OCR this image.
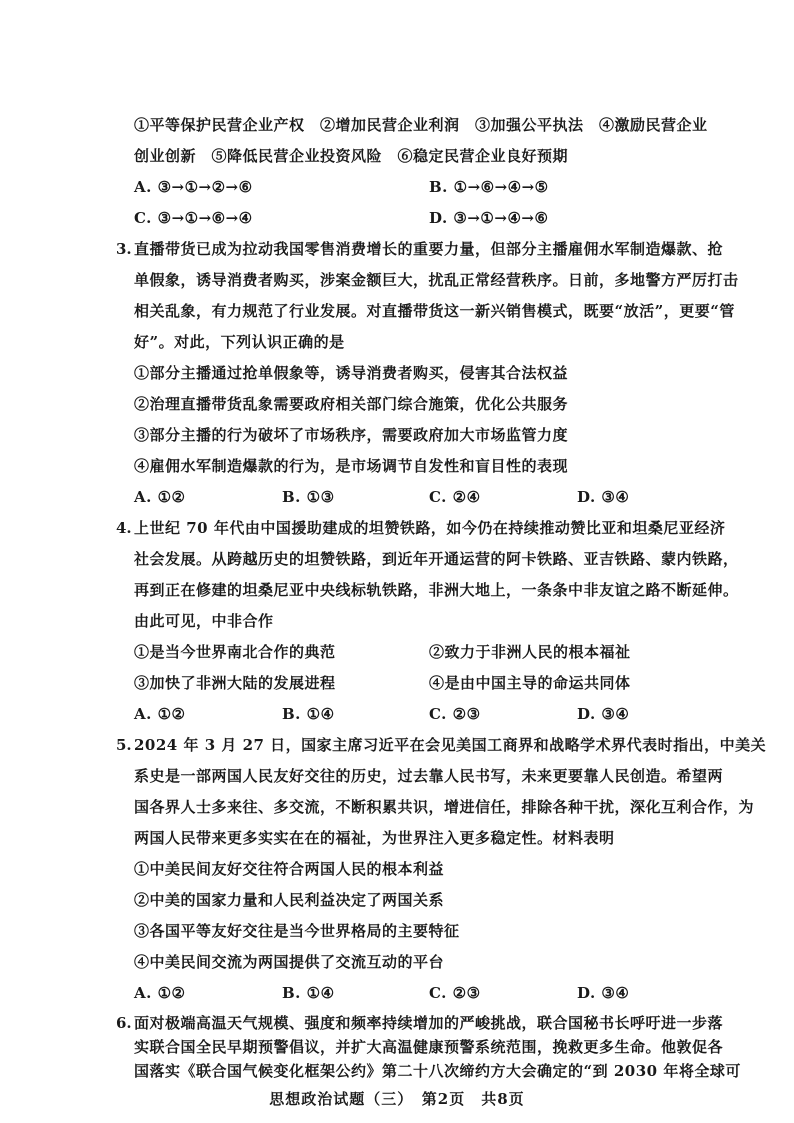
①平等保护民营企业产权　②增加民营企业利润　③加强公平执法　④激励民营企业
创业创新　⑤降低民营企业投资风险　⑥稳定民营企业良好预期
A. ③→①→②→⑥	B. ①→⑥→④→⑤
C. ③→①→⑥→④	D. ③→①→④→⑥
3. 直播带货已成为拉动我国零售消费增长的重要力量，但部分主播雇佣水军制造爆款、抢
单假象，诱导消费者购买，涉案金额巨大，扰乱正常经营秩序。日前，多地警方严厉打击
相关乱象，有力规范了行业发展。对直播带货这一新兴销售模式，既要“放活”，更要“管
好”。对此，下列认识正确的是
①部分主播通过抢单假象等，诱导消费者购买，侵害其合法权益
②治理直播带货乱象需要政府相关部门综合施策，优化公共服务
③部分主播的行为破坏了市场秩序，需要政府加大市场监管力度
④雇佣水军制造爆款的行为，是市场调节自发性和盲目性的表现
A. ①②	B. ①③	C. ②④	D. ③④
4. 上世纪 70 年代由中国援助建成的坦赞铁路，如今仍在持续推动赞比亚和坦桑尼亚经济
社会发展。从跨越历史的坦赞铁路，到近年开通运营的阿卡铁路、亚吉铁路、蒙内铁路，
再到正在修建的坦桑尼亚中央线标轨铁路，非洲大地上，一条条中非友谊之路不断延伸。
由此可见，中非合作
①是当今世界南北合作的典范	②致力于非洲人民的根本福祉
③加快了非洲大陆的发展进程	④是由中国主导的命运共同体
A. ①②	B. ①④	C. ②③	D. ③④
5. 2024 年 3 月 27 日，国家主席习近平在会见美国工商界和战略学术界代表时指出，中美关
系史是一部两国人民友好交往的历史，过去靠人民书写，未来更要靠人民创造。希望两
国各界人士多来往、多交流，不断积累共识，增进信任，排除各种干扰，深化互利合作，为
两国人民带来更多实实在在的福祉，为世界注入更多稳定性。材料表明
①中美民间友好交往符合两国人民的根本利益
②中美的国家力量和人民利益决定了两国关系
③各国平等友好交往是当今世界格局的主要特征
④中美民间交流为两国提供了交流互动的平台
A. ①②	B. ①④	C. ②③	D. ③④
思想政治试题（三）　第2页　共8页
6. 面对极端高温天气规模、强度和频率持续增加的严峻挑战，联合国秘书长呼吁进一步落
实联合国全民早期预警倡议，并扩大高温健康预警系统范围，挽救更多生命。他敦促各
国落实《联合国气候变化框架公约》第二十八次缔约方大会确定的“到 2030 年将全球可
